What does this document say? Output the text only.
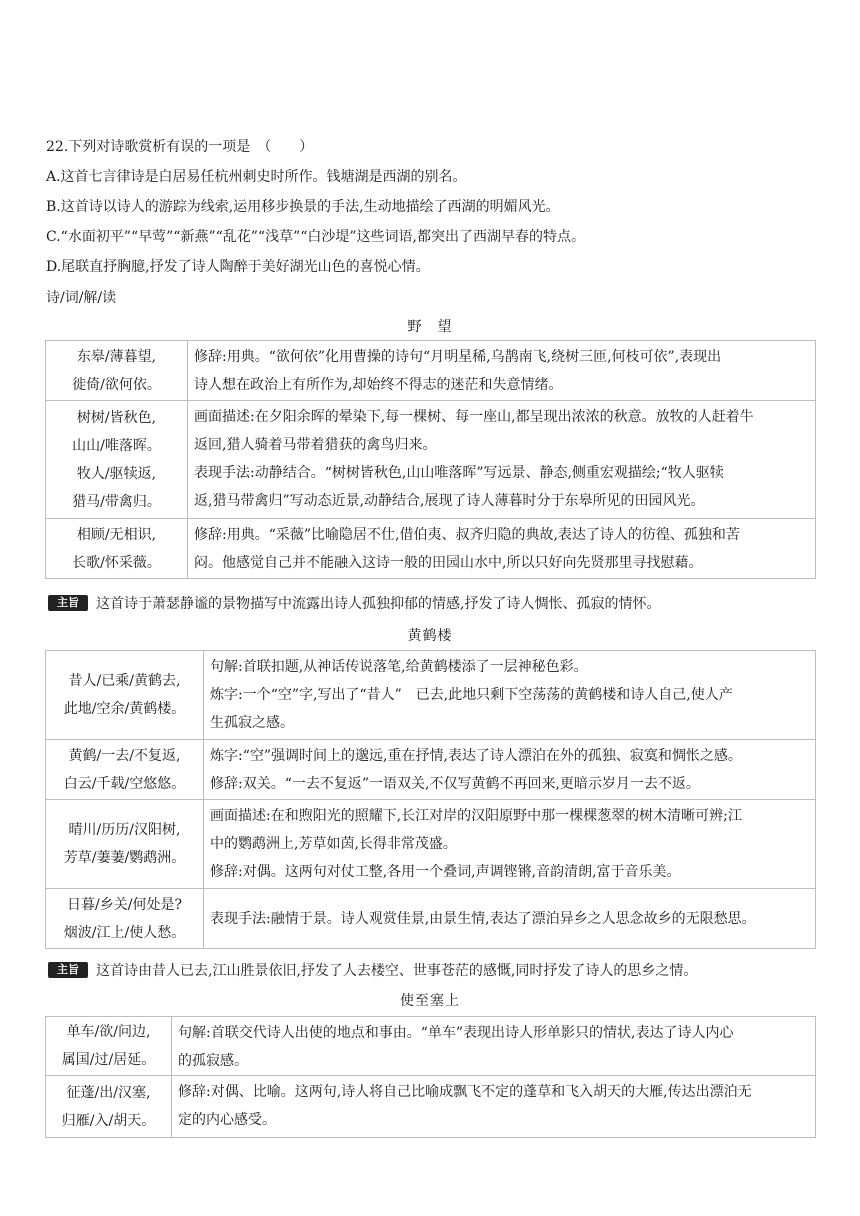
22.下列对诗歌赏析有误的一项是　（　　）
A.这首七言律诗是白居易任杭州刺史时所作。钱塘湖是西湖的别名。
B.这首诗以诗人的游踪为线索,运用移步换景的手法,生动地描绘了西湖的明媚风光。
C.“水面初平”“早莺”“新燕”“乱花”“浅草”“白沙堤”这些词语,都突出了西湖早春的特点。
D.尾联直抒胸臆,抒发了诗人陶醉于美好湖光山色的喜悦心情。
诗/词/解/读
野　望
东皋/薄暮望,
徙倚/欲何依。	修辞:用典。“欲何依”化用曹操的诗句“月明星稀,乌鹊南飞,绕树三匝,何枝可依”,表现出
诗人想在政治上有所作为,却始终不得志的迷茫和失意情绪。

树树/皆秋色,
山山/唯落晖。
牧人/驱犊返,
猎马/带禽归。	画面描述:在夕阳余晖的晕染下,每一棵树、每一座山,都呈现出浓浓的秋意。放牧的人赶着牛
返回,猎人骑着马带着猎获的禽鸟归来。
表现手法:动静结合。“树树皆秋色,山山唯落晖”写远景、静态,侧重宏观描绘;“牧人驱犊
返,猎马带禽归”写动态近景,动静结合,展现了诗人薄暮时分于东皋所见的田园风光。

相顾/无相识,
长歌/怀采薇。	修辞:用典。“采薇”比喻隐居不仕,借伯夷、叔齐归隐的典故,表达了诗人的彷徨、孤独和苦
闷。他感觉自己并不能融入这诗一般的田园山水中,所以只好向先贤那里寻找慰藉。
主旨	这首诗于萧瑟静谧的景物描写中流露出诗人孤独抑郁的情感,抒发了诗人惆怅、孤寂的情怀。
黄鹤楼
昔人/已乘/黄鹤去,
此地/空余/黄鹤楼。	句解:首联扣题,从神话传说落笔,给黄鹤楼添了一层神秘色彩。
炼字:一个“空”字,写出了“昔人”　已去,此地只剩下空荡荡的黄鹤楼和诗人自己,使人产
生孤寂之感。

黄鹤/一去/不复返,
白云/千载/空悠悠。	炼字:“空”强调时间上的邈远,重在抒情,表达了诗人漂泊在外的孤独、寂寞和惆怅之感。
修辞:双关。“一去不复返”一语双关,不仅写黄鹤不再回来,更暗示岁月一去不返。

晴川/历历/汉阳树,
芳草/萋萋/鹦鹉洲。	画面描述:在和煦阳光的照耀下,长江对岸的汉阳原野中那一棵棵葱翠的树木清晰可辨;江
中的鹦鹉洲上,芳草如茵,长得非常茂盛。
修辞:对偶。这两句对仗工整,各用一个叠词,声调铿锵,音韵清朗,富于音乐美。

日暮/乡关/何处是?
烟波/江上/使人愁。	表现手法:融情于景。诗人观赏佳景,由景生情,表达了漂泊异乡之人思念故乡的无限愁思。
主旨	这首诗由昔人已去,江山胜景依旧,抒发了人去楼空、世事苍茫的感慨,同时抒发了诗人的思乡之情。
使至塞上
单车/欲/问边,
属国/过/居延。	句解:首联交代诗人出使的地点和事由。“单车”表现出诗人形单影只的情状,表达了诗人内心
的孤寂感。

征蓬/出/汉塞,
归雁/入/胡天。	修辞:对偶、比喻。这两句,诗人将自己比喻成飘飞不定的蓬草和飞入胡天的大雁,传达出漂泊无
定的内心感受。
